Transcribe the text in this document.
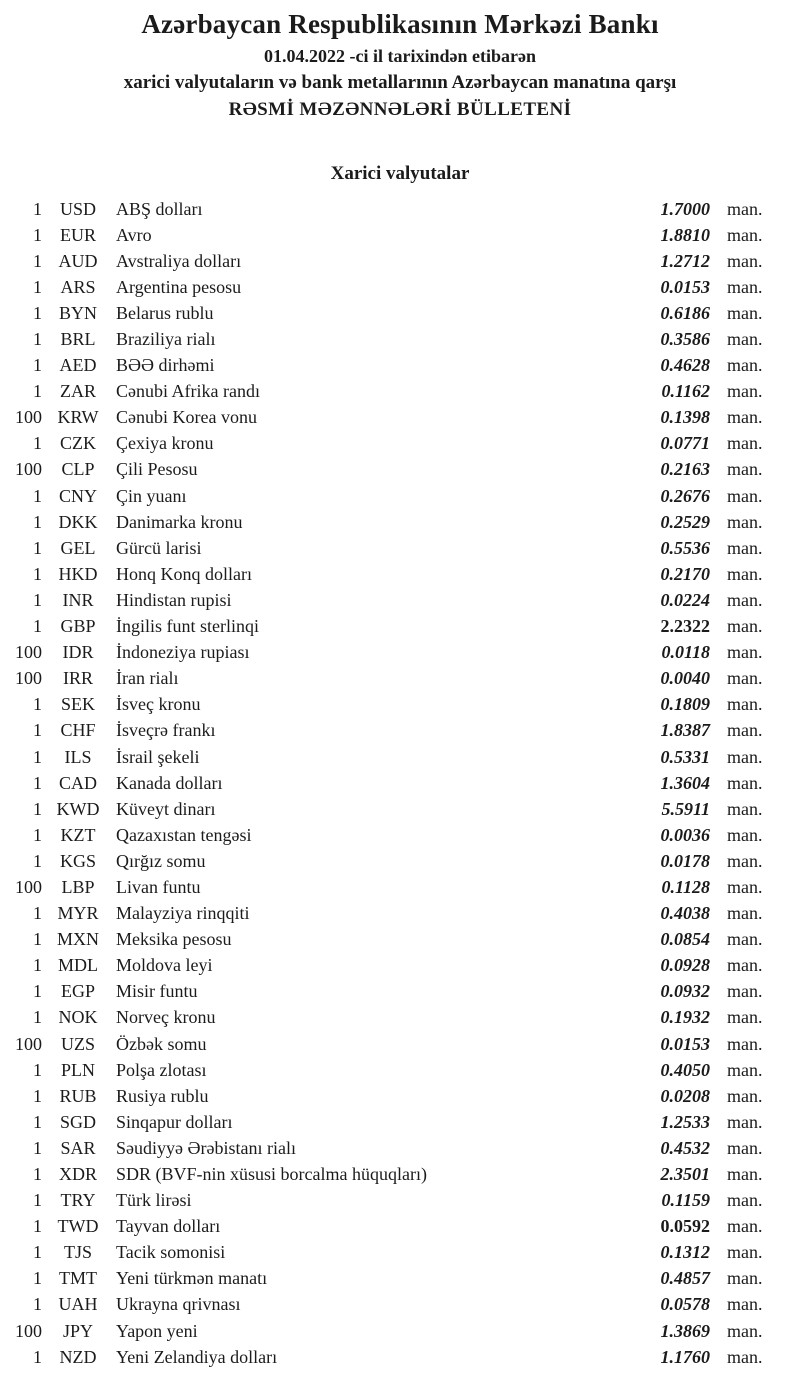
Azərbaycan Respublikasının Mərkəzi Bankı
01.04.2022 -ci il tarixindən etibarən
xarici valyutaların və bank metallarının Azərbaycan manatına qarşı
RƏSMİ MƏZƏNNƏLƏRİ BÜLLETENİ
Xarici valyutalar
1 USD	ABŞ dolları	1.7000 man.
1	EUR	Avro	1.8810 man.
1 AUD	Avstraliya dolları	1.2712 man.
1	ARS	Argentina pesosu	0.0153 man.
1 BYN	Belarus rublu	0.6186 man.
1	BRL	Braziliya rialı	0.3586 man.
1 AED	BƏƏ dirhəmi	0.4628 man.
1	ZAR	Cənubi Afrika randı	0.1162 man.
100 KRW Cənubi Korea vonu	0.1398 man.
1	CZK	Çexiya kronu	0.0771 man.
100	CLP	Çili Pesosu	0.2163 man.
1 CNY	Çin yuanı	0.2676 man.
1 DKK	Danimarka kronu	0.2529 man.
1	GEL	Gürcü larisi	0.5536 man.
1 HKD	Honq Konq dolları	0.2170 man.
1	INR	Hindistan rupisi	0.0224 man.
1	GBP	İngilis funt sterlinqi	2.2322 man.
100	IDR	İndoneziya rupiası	0.0118 man.
100	IRR	İran rialı	0.0040 man.
1	SEK	İsveç kronu	0.1809 man.
1	CHF	İsveçrə frankı	1.8387 man.
1	ILS	İsrail şekeli	0.5331 man.
1 CAD	Kanada dolları	1.3604 man.
1 KWD Küveyt dinarı	5.5911 man.
1	KZT	Qazaxıstan tengəsi	0.0036 man.
1 KGS	Qırğız somu	0.0178 man.
100	LBP	Livan funtu	0.1128 man.
1 MYR Malayziya rinqqiti	0.4038 man.
1 MXN Meksika pesosu	0.0854 man.
1 MDL	Moldova leyi	0.0928 man.
1	EGP	Misir funtu	0.0932 man.
1 NOK	Norveç kronu	0.1932 man.
100	UZS	Özbək somu	0.0153 man.
1	PLN	Polşa zlotası	0.4050 man.
1 RUB	Rusiya rublu	0.0208 man.
1 SGD	Sinqapur dolları	1.2533 man.
1	SAR	Səudiyyə Ərəbistanı rialı	0.4532 man.
1 XDR	SDR (BVF-nin xüsusi borcalma hüquqları)	2.3501 man.
1	TRY	Türk lirəsi	0.1159 man.
1 TWD Tayvan dolları	0.0592 man.
1	TJS	Tacik somonisi	0.1312 man.
1 TMT	Yeni türkmən manatı	0.4857 man.
1 UAH	Ukrayna qrivnası	0.0578 man.
100	JPY	Yapon yeni	1.3869 man.
1 NZD	Yeni Zelandiya dolları	1.1760 man.
